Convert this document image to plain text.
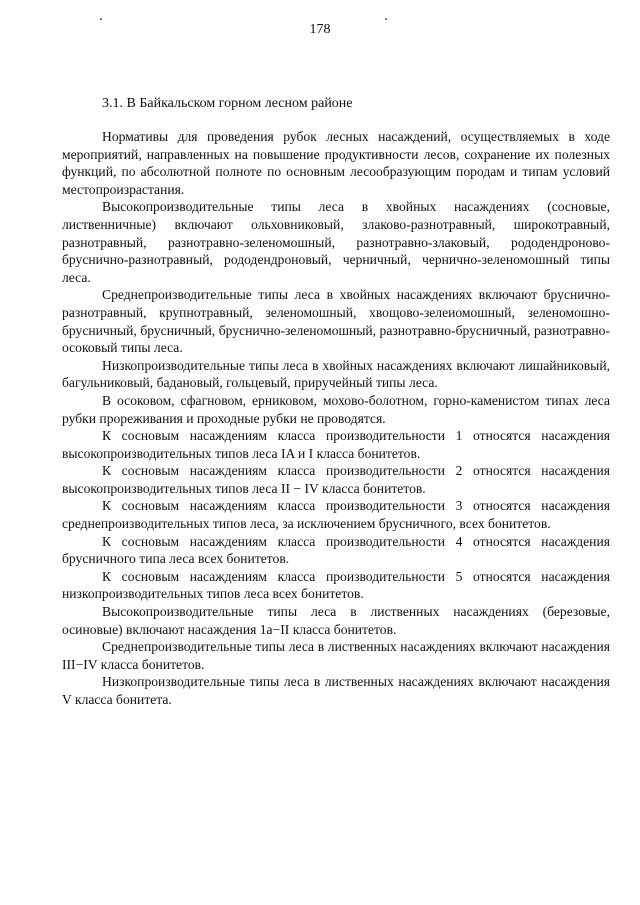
178
3.1. В Байкальском горном лесном районе

Нормативы для проведения рубок лесных насаждений, осуществляемых в ходе мероприятий, направленных на повышение продуктивности лесов, сохранение их полезных функций, по абсолютной полноте по основным лесообразующим породам и типам условий местопроизрастания.

Высокопроизводительные типы леса в хвойных насаждениях (сосновые, лиственничные) включают ольховниковый, злаково-разнотравный, широкотравный, разнотравный, разнотравно-зеленомошный, разнотравно-злаковый, рододендроново-брусничнo-разнотравный, рододендроновый, черничный, чернично-зеленомошный типы леса.

Среднепроизводительные типы леса в хвойных насаждениях включают бруснично-разнотравный, крупнотравный, зеленомошный, хвощово-зелеиомошный, зеленомошно-брусничный, брусничный, бруснично-зеленомошный, разнотравно-брусничный, разнотравно-осоковый типы леса.

Низкопроизводительные типы леса в хвойных насаждениях включают лишайниковый, багульниковый, бадановый, гольцевый, приручейный типы леса.

В осоковом, сфагновом, ерниковом, мохово-болотном, горно-каменистом типах леса рубки прореживания и проходные рубки не проводятся.

К сосновым насаждениям класса производительности 1 относятся насаждения высокопроизводительных типов леса IA и I класса бонитетов.

К сосновым насаждениям класса производительности 2 относятся насаждения высокопроизводительных типов леса II − IV класса бонитетов.

К сосновым насаждениям класса производительности 3 относятся насаждения среднепроизводительных типов леса, за исключением брусничного, всех бонитетов.

К сосновым насаждениям класса производительности 4 относятся насаждения брусничного типа леса всех бонитетов.

К сосновым насаждениям класса производительности 5 относятся насаждения низкопроизводительных типов леса всех бонитетов.

Высокопроизводительные типы леса в лиственных насаждениях (березовые, осиновые) включают насаждения 1а−II класса бонитетов.

Среднепроизводительные типы леса в лиственных насаждениях включают насаждения III−IV класса бонитетов.

Низкопроизводительные типы леса в лиственных насаждениях включают насаждения V класса бонитета.
